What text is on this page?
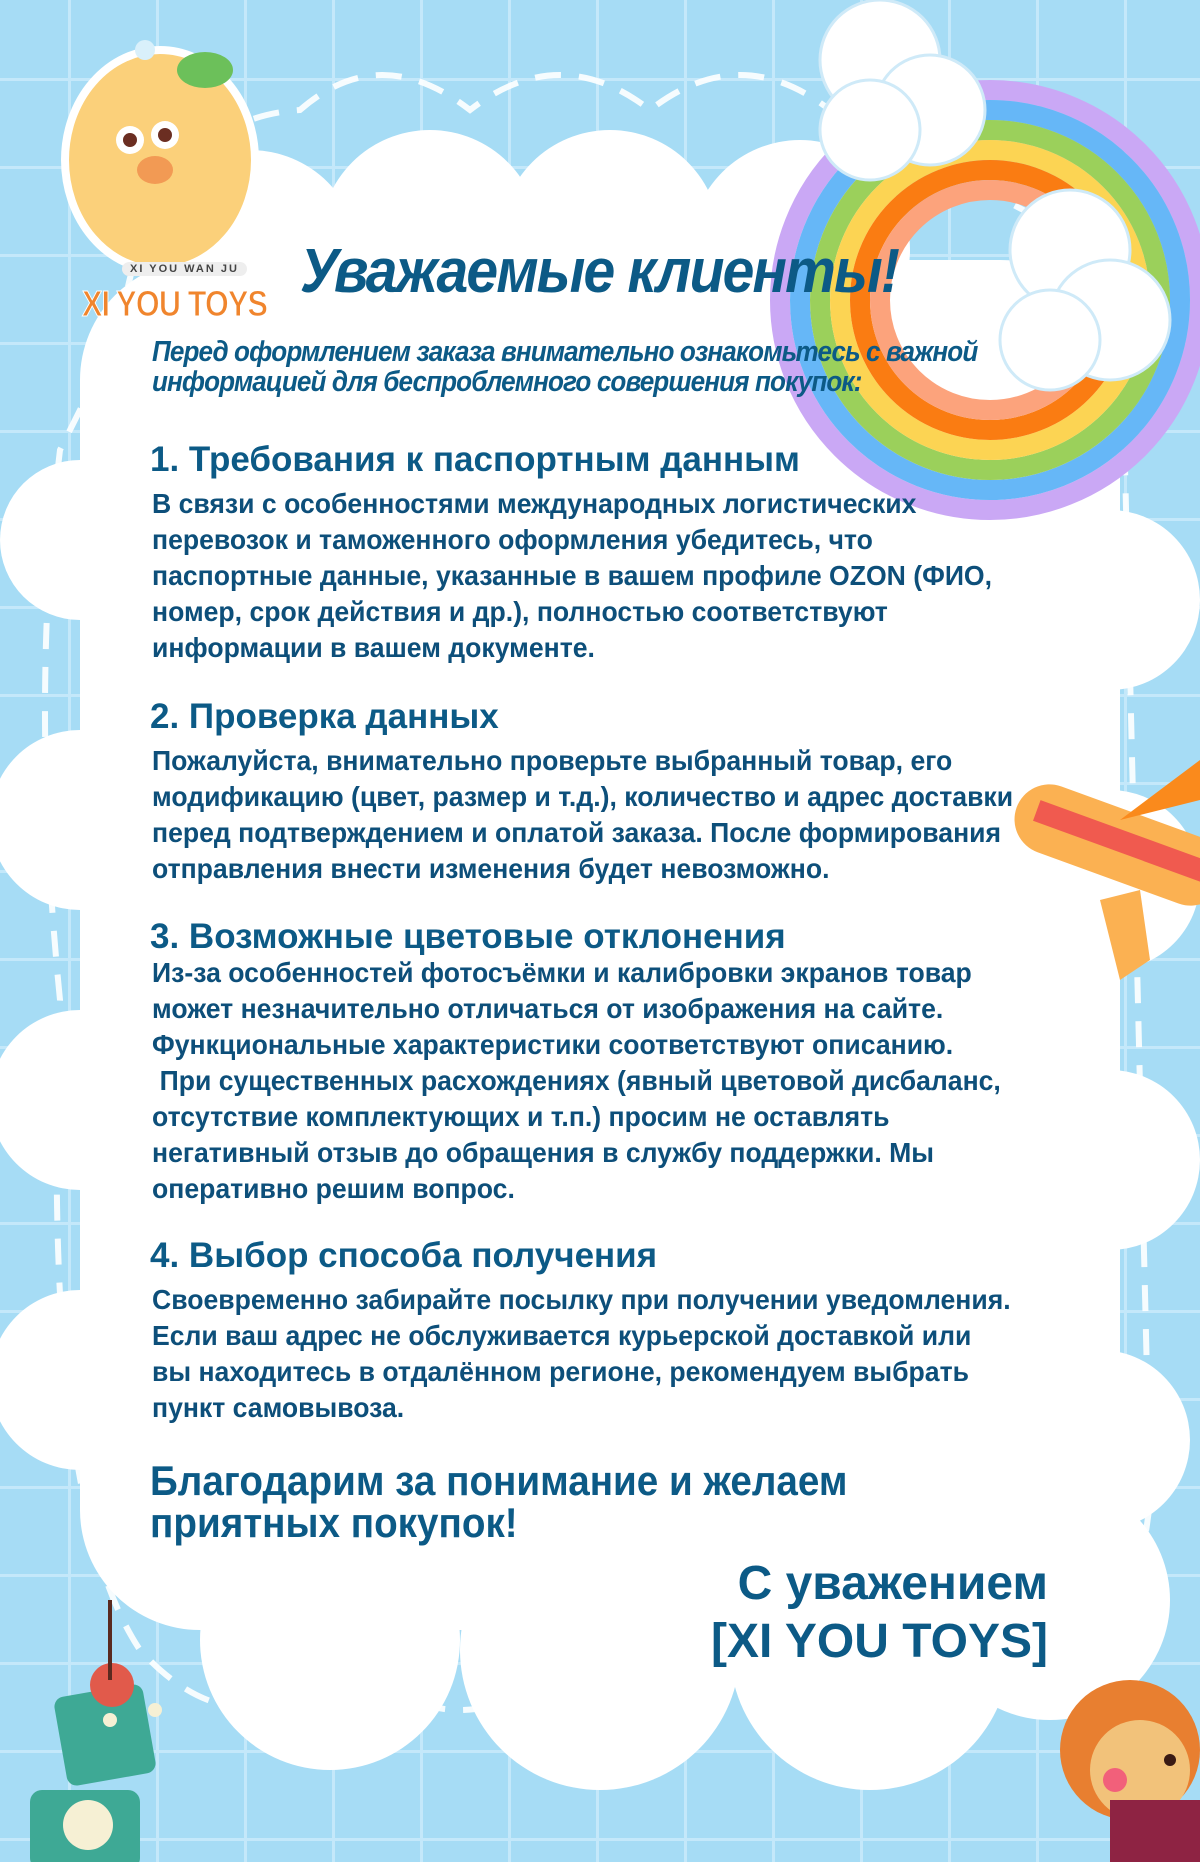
XI YOU WAN JU
XI YOU TOYS Уважаемые клиенты!
Перед оформлением заказа внимательно ознакомьтесь с важной
информацией для беспроблемного совершения покупок:
1. Требования к паспортным данным
В связи с особенностями международных логистических
перевозок и таможенного оформления убедитесь, что
паспортные данные, указанные в вашем профиле OZON (ФИО,
номер, срок действия и др.), полностью соответствуют
информации в вашем документе.
2. Проверка данных
Пожалуйста, внимательно проверьте выбранный товар, его
модификацию (цвет, размер и т.д.), количество и адрес доставки
перед подтверждением и оплатой заказа. После формирования
отправления внести изменения будет невозможно.
3. Возможные цветовые отклонения
Из-за особенностей фотосъёмки и калибровки экранов товар
может незначительно отличаться от изображения на сайте.
Функциональные характеристики соответствуют описанию.
При существенных расхождениях (явный цветовой дисбаланс,
отсутствие комплектующих и т.п.) просим не оставлять
негативный отзыв до обращения в службу поддержки. Мы
оперативно решим вопрос.
4. Выбор способа получения
Своевременно забирайте посылку при получении уведомления.
Если ваш адрес не обслуживается курьерской доставкой или
вы находитесь в отдалённом регионе, рекомендуем выбрать
пункт самовывоза.
Благодарим за понимание и желаем
приятных покупок!
С уважением
[XI YOU TOYS]
